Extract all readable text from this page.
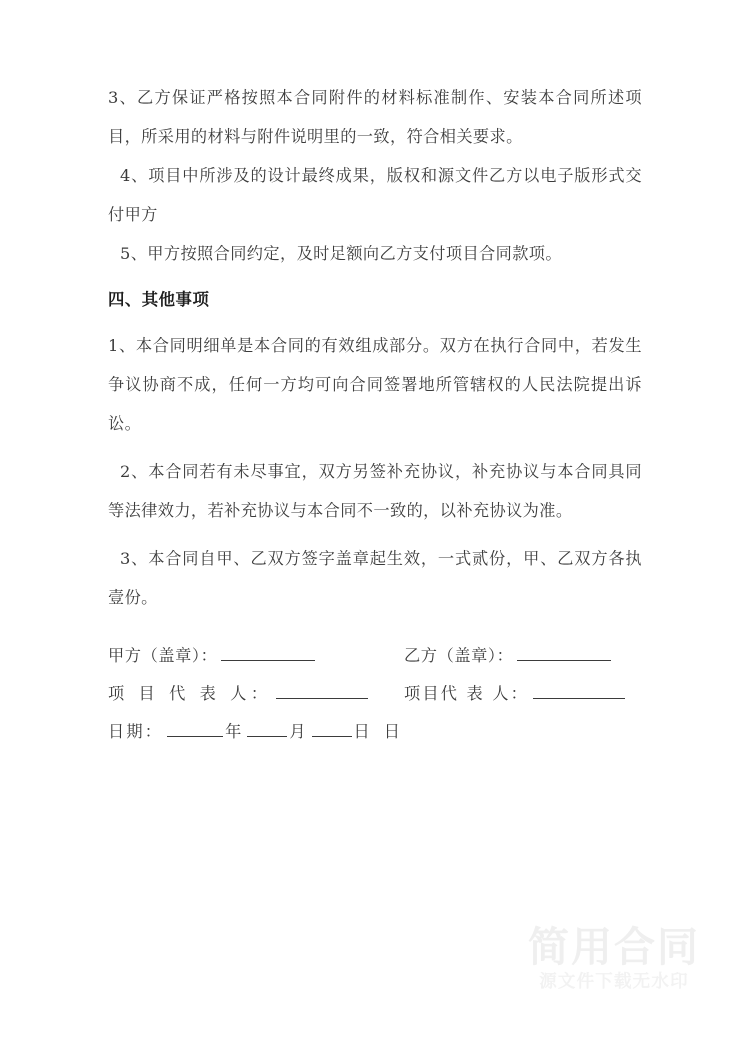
3、乙方保证严格按照本合同附件的材料标准制作、安装本合同所述项目，所采用的材料与附件说明里的一致，符合相关要求。

4、项目中所涉及的设计最终成果，版权和源文件乙方以电子版形式交付甲方

5、甲方按照合同约定，及时足额向乙方支付项目合同款项。

四、其他事项

1、本合同明细单是本合同的有效组成部分。双方在执行合同中，若发生争议协商不成，任何一方均可向合同签署地所管辖权的人民法院提出诉讼。

2、本合同若有未尽事宜，双方另签补充协议，补充协议与本合同具同等法律效力，若补充协议与本合同不一致的，以补充协议为准。

3、本合同自甲、乙双方签字盖章起生效，一式贰份，甲、乙双方各执壹份。

甲方（盖章）：	乙方（盖章）：
项 目 代 表 人：	项目代 表 人：
日期：	年	月	日 日
简用合同
源文件下载无水印
